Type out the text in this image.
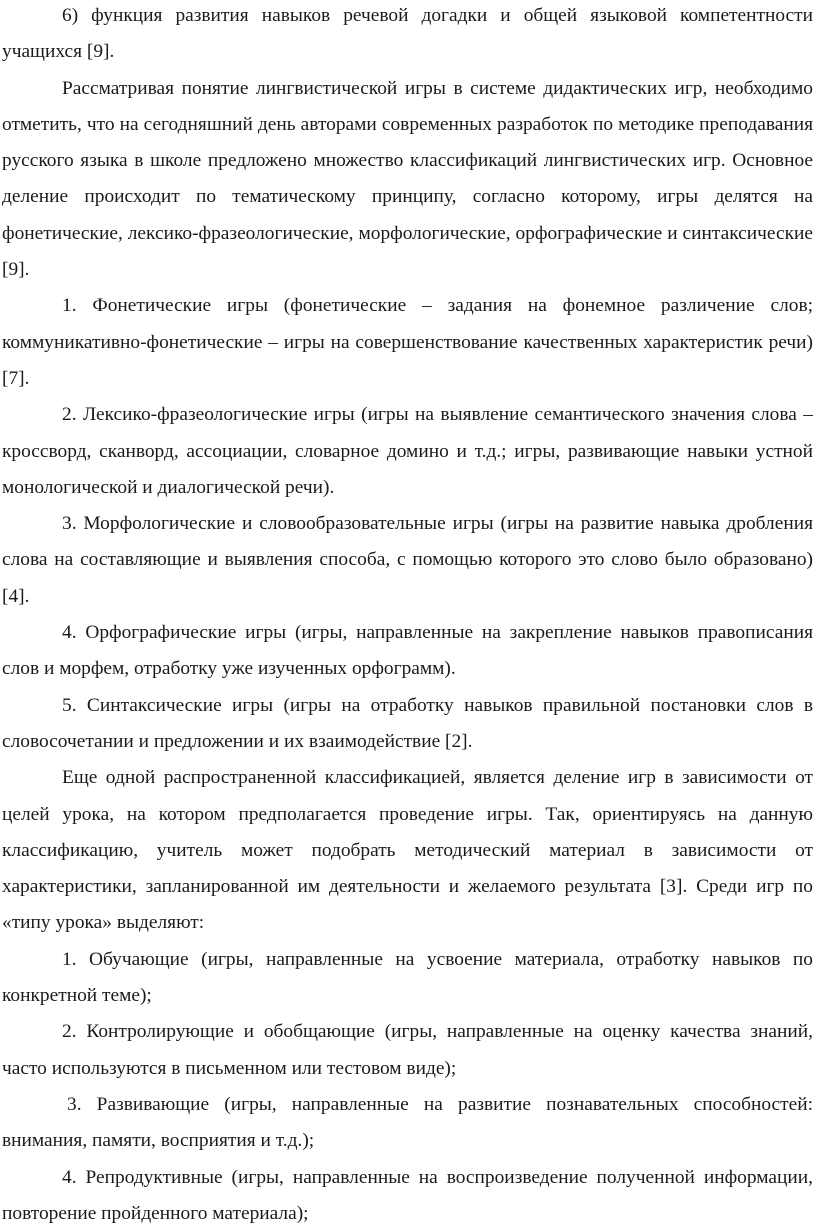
6) функция развития навыков речевой догадки и общей языковой компетентности учащихся [9].

Рассматривая понятие лингвистической игры в системе дидактических игр, необходимо отметить, что на сегодняшний день авторами современных разработок по методике преподавания русского языка в школе предложено множество классификаций лингвистических игр. Основное деление происходит по тематическому принципу, согласно которому, игры делятся на фонетические, лексико-фразеологические, морфологические, орфографические и синтаксические [9].

1. Фонетические игры (фонетические – задания на фонемное различение слов; коммуникативно-фонетические – игры на совершенствование качественных характеристик речи) [7].

2. Лексико-фразеологические игры (игры на выявление семантического значения слова – кроссворд, сканворд, ассоциации, словарное домино и т.д.; игры, развивающие навыки устной монологической и диалогической речи).

3. Морфологические и словообразовательные игры (игры на развитие навыка дробления слова на составляющие и выявления способа, с помощью которого это слово было образовано) [4].

4. Орфографические игры (игры, направленные на закрепление навыков правописания слов и морфем, отработку уже изученных орфограмм).

5. Синтаксические игры (игры на отработку навыков правильной постановки слов в словосочетании и предложении и их взаимодействие [2].

Еще одной распространенной классификацией, является деление игр в зависимости от целей урока, на котором предполагается проведение игры. Так, ориентируясь на данную классификацию, учитель может подобрать методический материал в зависимости от характеристики, запланированной им деятельности и желаемого результата [3]. Среди игр по «типу урока» выделяют:

1. Обучающие (игры, направленные на усвоение материала, отработку навыков по конкретной теме);

2. Контролирующие и обобщающие (игры, направленные на оценку качества знаний, часто используются в письменном или тестовом виде);

3. Развивающие (игры, направленные на развитие познавательных способностей: внимания, памяти, восприятия и т.д.);

4. Репродуктивные (игры, направленные на воспроизведение полученной информации, повторение пройденного материала);
